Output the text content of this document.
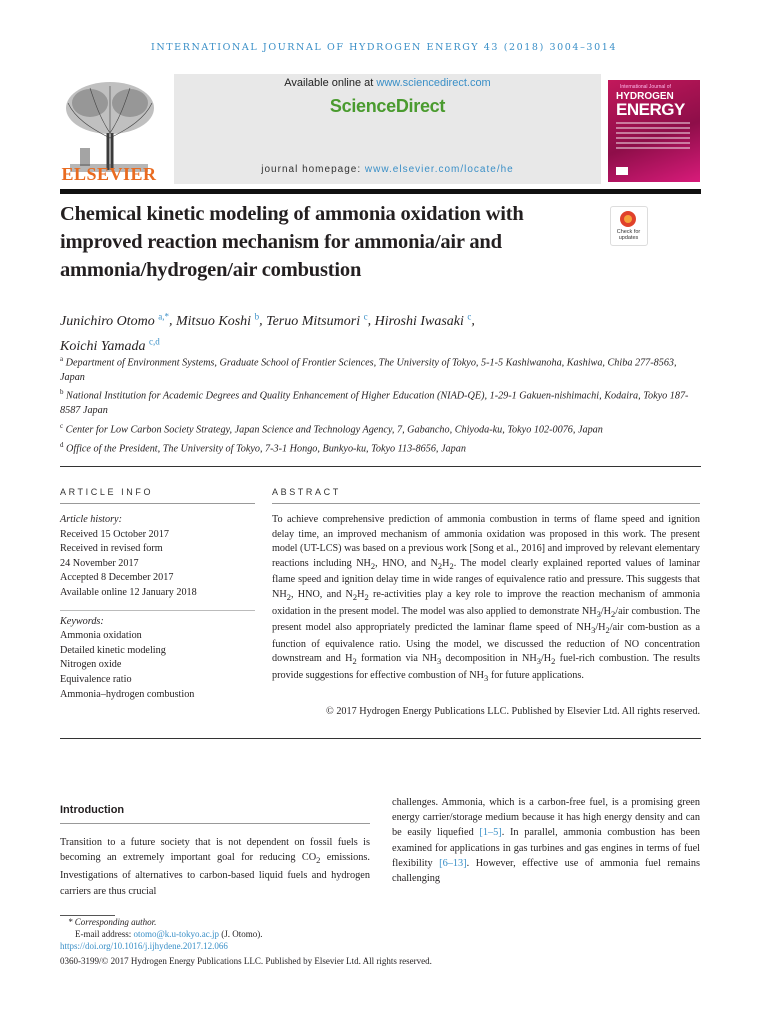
INTERNATIONAL JOURNAL OF HYDROGEN ENERGY 43 (2018) 3004–3014
ELSEVIER
Available online at www.sciencedirect.com
ScienceDirect
journal homepage: www.elsevier.com/locate/he
International Journal of
HYDROGEN
ENERGY
Chemical kinetic modeling of ammonia oxidation with improved reaction mechanism for ammonia/air and ammonia/hydrogen/air combustion
Check for updates
Junichiro Otomo $^{a,*}$, Mitsuo Koshi $^b$, Teruo Mitsumori $^c$, Hiroshi Iwasaki $^c$,
Koichi Yamada $^{c,d}$

$^a$ Department of Environment Systems, Graduate School of Frontier Sciences, The University of Tokyo, 5-1-5 Kashiwanoha, Kashiwa, Chiba 277-8563, Japan

$^b$ National Institution for Academic Degrees and Quality Enhancement of Higher Education (NIAD-QE), 1-29-1 Gakuen-nishimachi, Kodaira, Tokyo 187-8587 Japan

$^c$ Center for Low Carbon Society Strategy, Japan Science and Technology Agency, 7, Gabancho, Chiyoda-ku, Tokyo 102-0076, Japan

$^d$ Office of the President, The University of Tokyo, 7-3-1 Hongo, Bunkyo-ku, Tokyo 113-8656, Japan

ARTICLE INFO
Article history:
Received 15 October 2017
Received in revised form
24 November 2017
Accepted 8 December 2017
Available online 12 January 2018
Keywords:
Ammonia oxidation
Detailed kinetic modeling
Nitrogen oxide
Equivalence ratio
Ammonia–hydrogen combustion
ABSTRACT
To achieve comprehensive prediction of ammonia combustion in terms of flame speed and ignition delay time, an improved mechanism of ammonia oxidation was proposed in this work. The present model (UT-LCS) was based on a previous work [Song et al., 2016] and improved by relevant elementary reactions including $NH_2$, HNO, and $N_2H_2$. The model clearly explained reported values of laminar flame speed and ignition delay time in wide ranges of equivalence ratio and pressure. This suggests that $NH_2$, HNO, and $N_2H_2$ re-activities play a key role to improve the reaction mechanism of ammonia oxidation in the present model. The model was also applied to demonstrate $NH_3/H_2$/air combustion. The present model also appropriately predicted the laminar flame speed of $NH_3/H_2$/air com-bustion as a function of equivalence ratio. Using the model, we discussed the reduction of NO concentration downstream and $H_2$ formation via $NH_3$ decomposition in $NH_3/H_2$ fuel-rich combustion. The results provide suggestions for effective combustion of $NH_3$ for future applications.
© 2017 Hydrogen Energy Publications LLC. Published by Elsevier Ltd. All rights reserved.
Introduction
Transition to a future society that is not dependent on fossil fuels is becoming an extremely important goal for reducing $CO_2$ emissions. Investigations of alternatives to carbon-based liquid fuels and hydrogen carriers are thus crucial
challenges. Ammonia, which is a carbon-free fuel, is a promising green energy carrier/storage medium because it has high energy density and can be easily liquefied [1–5]. In parallel, ammonia combustion has been examined for applications in gas turbines and gas engines in terms of fuel flexibility [6–13]. However, effective use of ammonia fuel remains challenging
* Corresponding author.
E-mail address: otomo@k.u-tokyo.ac.jp (J. Otomo).
https://doi.org/10.1016/j.ijhydene.2017.12.066
0360-3199/© 2017 Hydrogen Energy Publications LLC. Published by Elsevier Ltd. All rights reserved.
